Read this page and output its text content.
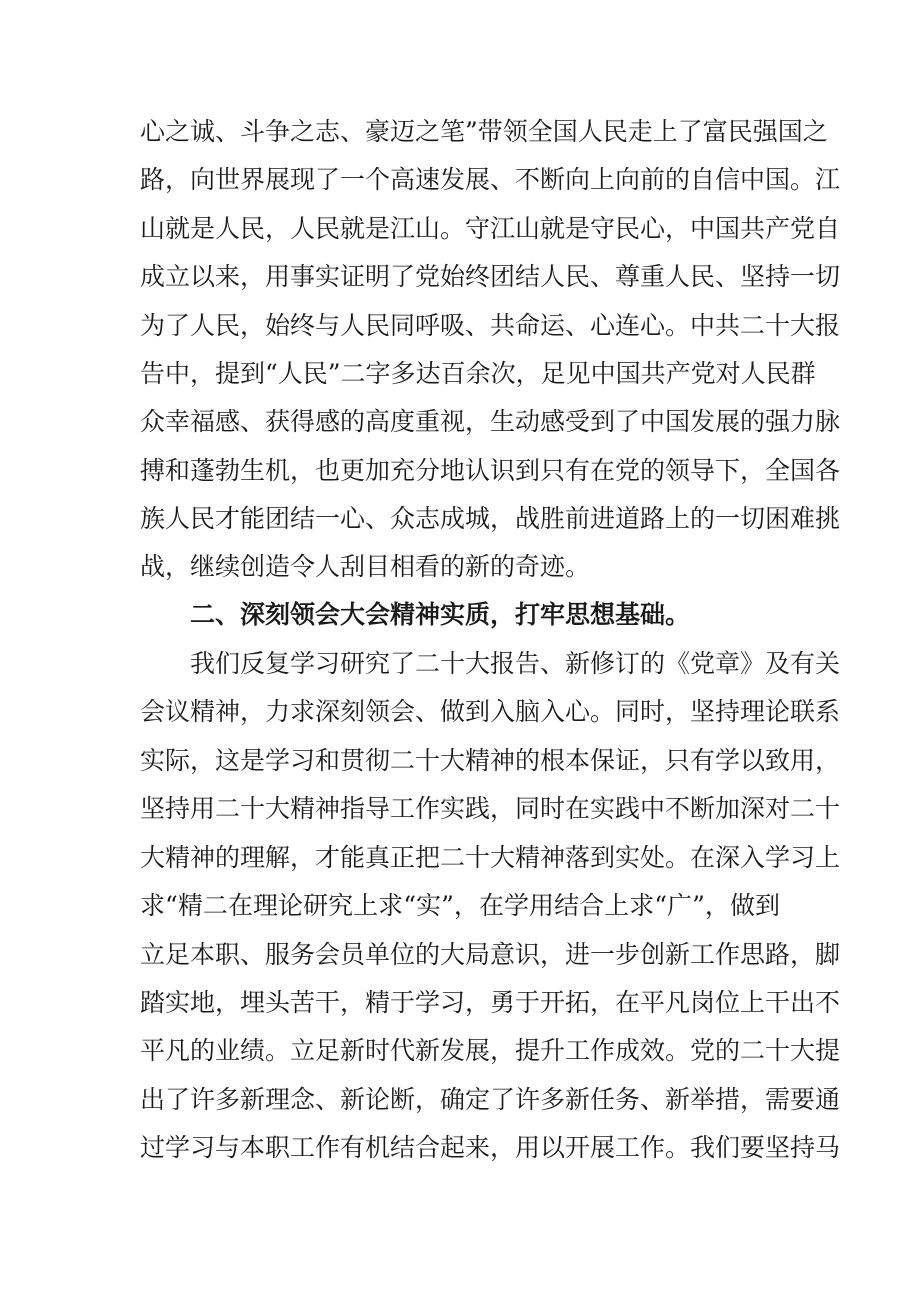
心之诚、斗争之志、豪迈之笔”带领全国人民走上了富民强国之
路，向世界展现了一个高速发展、不断向上向前的自信中国。江
山就是人民，人民就是江山。守江山就是守民心，中国共产党自
成立以来，用事实证明了党始终团结人民、尊重人民、坚持一切
为了人民，始终与人民同呼吸、共命运、心连心。中共二十大报
告中，提到“人民”二字多达百余次，足见中国共产党对人民群
众幸福感、获得感的高度重视，生动感受到了中国发展的强力脉
搏和蓬勃生机，也更加充分地认识到只有在党的领导下，全国各
族人民才能团结一心、众志成城，战胜前进道路上的一切困难挑
战，继续创造令人刮目相看的新的奇迹。
二、深刻领会大会精神实质，打牢思想基础。
我们反复学习研究了二十大报告、新修订的《党章》及有关
会议精神，力求深刻领会、做到入脑入心。同时，坚持理论联系
实际，这是学习和贯彻二十大精神的根本保证，只有学以致用，
坚持用二十大精神指导工作实践，同时在实践中不断加深对二十
大精神的理解，才能真正把二十大精神落到实处。在深入学习上
求“精二在理论研究上求“实”，在学用结合上求“广”，做到
立足本职、服务会员单位的大局意识，进一步创新工作思路，脚
踏实地，埋头苦干，精于学习，勇于开拓，在平凡岗位上干出不
平凡的业绩。立足新时代新发展，提升工作成效。党的二十大提
出了许多新理念、新论断，确定了许多新任务、新举措，需要通
过学习与本职工作有机结合起来，用以开展工作。我们要坚持马
